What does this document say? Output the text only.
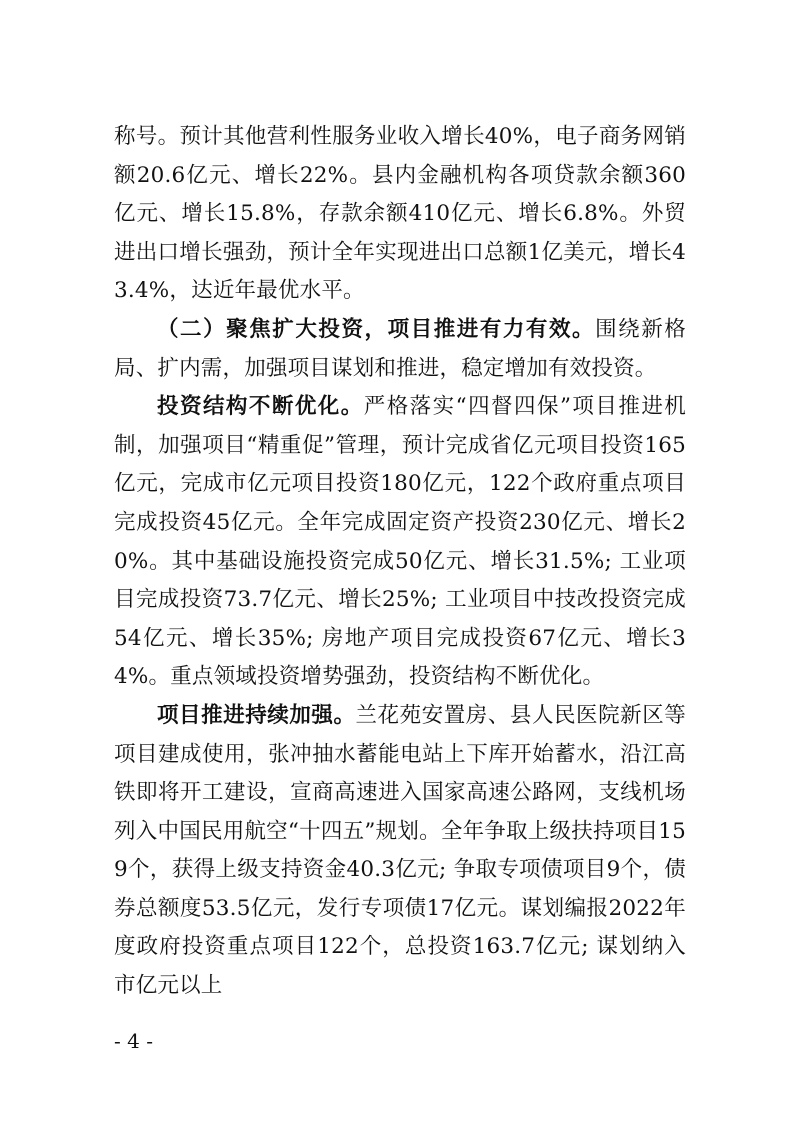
称号。预计其他营利性服务业收入增长40%，电子商务网销额20.6亿元、增长22%。县内金融机构各项贷款余额360亿元、增长15.8%，存款余额410亿元、增长6.8%。外贸进出口增长强劲，预计全年实现进出口总额1亿美元，增长43.4%，达近年最优水平。

（二）聚焦扩大投资，项目推进有力有效。围绕新格局、扩内需，加强项目谋划和推进，稳定增加有效投资。

投资结构不断优化。严格落实“四督四保”项目推进机制，加强项目“精重促”管理，预计完成省亿元项目投资165亿元，完成市亿元项目投资180亿元，122个政府重点项目完成投资45亿元。全年完成固定资产投资230亿元、增长20%。其中基础设施投资完成50亿元、增长31.5%; 工业项目完成投资73.7亿元、增长25%; 工业项目中技改投资完成54亿元、增长35%; 房地产项目完成投资67亿元、增长34%。重点领域投资增势强劲，投资结构不断优化。

项目推进持续加强。兰花苑安置房、县人民医院新区等项目建成使用，张冲抽水蓄能电站上下库开始蓄水，沿江高铁即将开工建设，宣商高速进入国家高速公路网，支线机场列入中国民用航空“十四五”规划。全年争取上级扶持项目159个，获得上级支持资金40.3亿元; 争取专项债项目9个，债券总额度53.5亿元，发行专项债17亿元。谋划编报2022年度政府投资重点项目122个，总投资163.7亿元; 谋划纳入市亿元以上

- 4 -
